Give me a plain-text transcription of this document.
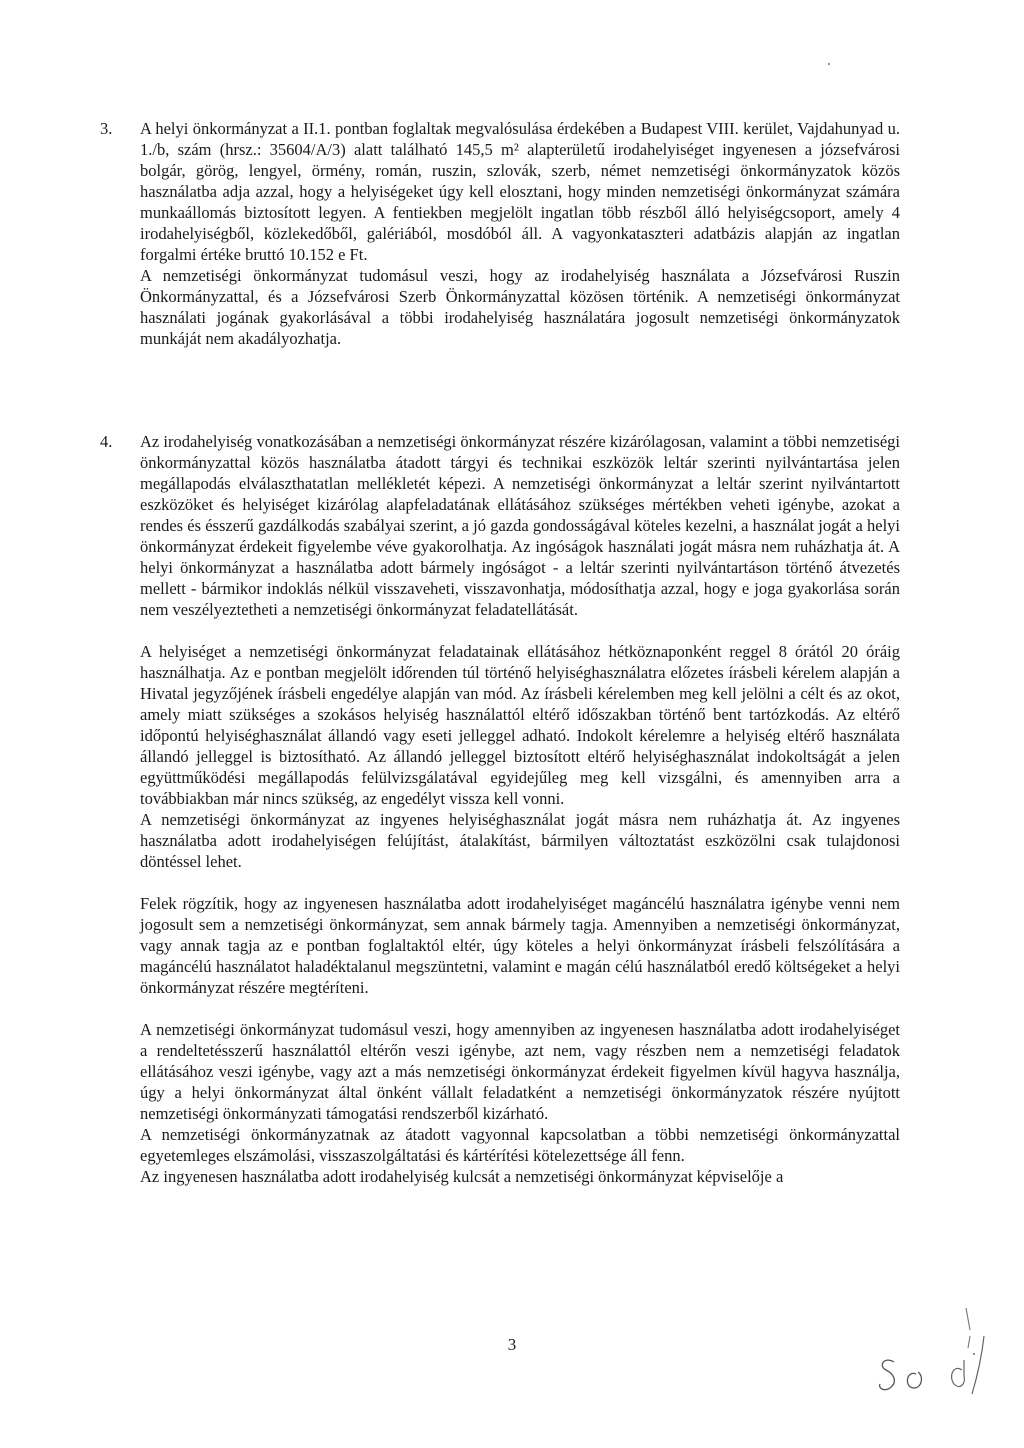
3.	A helyi önkormányzat a II.1. pontban foglaltak megvalósulása érdekében a Budapest VIII. kerület, Vajdahunyad u. 1./b, szám (hrsz.: 35604/A/3) alatt található 145,5 m² alapterületű irodahelyiséget ingyenesen a józsefvárosi bolgár, görög, lengyel, örmény, román, ruszin, szlovák, szerb, német nemzetiségi önkormányzatok közös használatba adja azzal, hogy a helyiségeket úgy kell elosztani, hogy minden nemzetiségi önkormányzat számára munkaállomás biztosított legyen. A fentiekben megjelölt ingatlan több részből álló helyiségcsoport, amely 4 irodahelyiségből, közlekedőből, galériából, mosdóból áll. A vagyonkataszteri adatbázis alapján az ingatlan forgalmi értéke bruttó 10.152 e Ft.

A nemzetiségi önkormányzat tudomásul veszi, hogy az irodahelyiség használata a Józsefvárosi Ruszin Önkormányzattal, és a Józsefvárosi Szerb Önkormányzattal közösen történik. A nemzetiségi önkormányzat használati jogának gyakorlásával a többi irodahelyiség használatára jogosult nemzetiségi önkormányzatok munkáját nem akadályozhatja.

4.	Az irodahelyiség vonatkozásában a nemzetiségi önkormányzat részére kizárólagosan, valamint a többi nemzetiségi önkormányzattal közös használatba átadott tárgyi és technikai eszközök leltár szerinti nyilvántartása jelen megállapodás elválaszthatatlan mellékletét képezi. A nemzetiségi önkormányzat a leltár szerint nyilvántartott eszközöket és helyiséget kizárólag alapfeladatának ellátásához szükséges mértékben veheti igénybe, azokat a rendes és ésszerű gazdálkodás szabályai szerint, a jó gazda gondosságával köteles kezelni, a használat jogát a helyi önkormányzat érdekeit figyelembe véve gyakorolhatja. Az ingóságok használati jogát másra nem ruházhatja át. A helyi önkormányzat a használatba adott bármely ingóságot - a leltár szerinti nyilvántartáson történő átvezetés mellett - bármikor indoklás nélkül visszaveheti, visszavonhatja, módosíthatja azzal, hogy e joga gyakorlása során nem veszélyeztetheti a nemzetiségi önkormányzat feladatellátását.

A helyiséget a nemzetiségi önkormányzat feladatainak ellátásához hétköznaponként reggel 8 órától 20 óráig használhatja. Az e pontban megjelölt időrenden túl történő helyiséghasználatra előzetes írásbeli kérelem alapján a Hivatal jegyzőjének írásbeli engedélye alapján van mód. Az írásbeli kérelemben meg kell jelölni a célt és az okot, amely miatt szükséges a szokásos helyiség használattól eltérő időszakban történő bent tartózkodás. Az eltérő időpontú helyiséghasználat állandó vagy eseti jelleggel adható. Indokolt kérelemre a helyiség eltérő használata állandó jelleggel is biztosítható. Az állandó jelleggel biztosított eltérő helyiséghasználat indokoltságát a jelen együttműködési megállapodás felülvizsgálatával egyidejűleg meg kell vizsgálni, és amennyiben arra a továbbiakban már nincs szükség, az engedélyt vissza kell vonni.

A nemzetiségi önkormányzat az ingyenes helyiséghasználat jogát másra nem ruházhatja át. Az ingyenes használatba adott irodahelyiségen felújítást, átalakítást, bármilyen változtatást eszközölni csak tulajdonosi döntéssel lehet.

Felek rögzítik, hogy az ingyenesen használatba adott irodahelyiséget magáncélú használatra igénybe venni nem jogosult sem a nemzetiségi önkormányzat, sem annak bármely tagja. Amennyiben a nemzetiségi önkormányzat, vagy annak tagja az e pontban foglaltaktól eltér, úgy köteles a helyi önkormányzat írásbeli felszólítására a magáncélú használatot haladéktalanul megszüntetni, valamint e magán célú használatból eredő költségeket a helyi önkormányzat részére megtéríteni.

A nemzetiségi önkormányzat tudomásul veszi, hogy amennyiben az ingyenesen használatba adott irodahelyiséget a rendeltetésszerű használattól eltérőn veszi igénybe, azt nem, vagy részben nem a nemzetiségi feladatok ellátásához veszi igénybe, vagy azt a más nemzetiségi önkormányzat érdekeit figyelmen kívül hagyva használja, úgy a helyi önkormányzat által önként vállalt feladatként a nemzetiségi önkormányzatok részére nyújtott nemzetiségi önkormányzati támogatási rendszerből kizárható.

A nemzetiségi önkormányzatnak az átadott vagyonnal kapcsolatban a többi nemzetiségi önkormányzattal egyetemleges elszámolási, visszaszolgáltatási és kártérítési kötelezettsége áll fenn.

Az ingyenesen használatba adott irodahelyiség kulcsát a nemzetiségi önkormányzat képviselője a

3
